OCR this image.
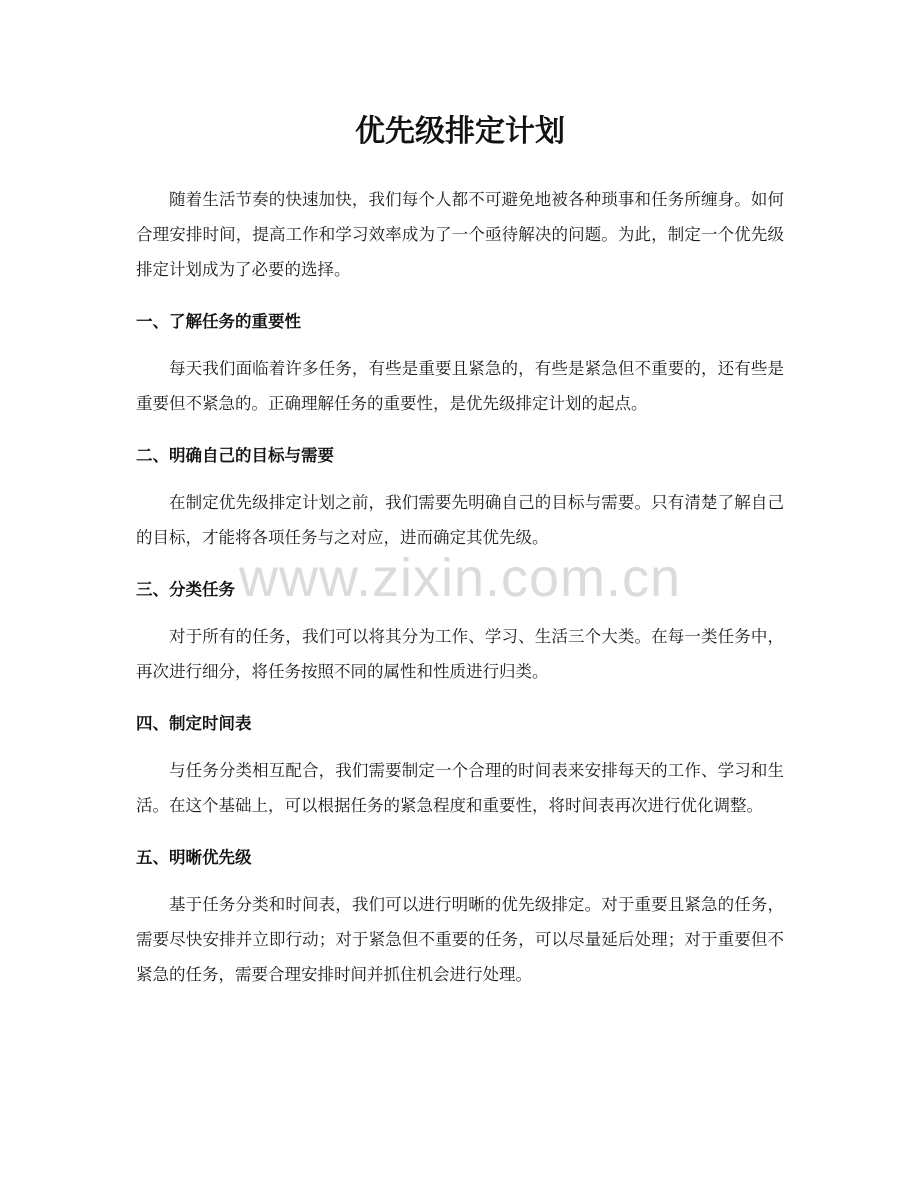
优先级排定计划

随着生活节奏的快速加快，我们每个人都不可避免地被各种琐事和任务所缠身。如何合理安排时间，提高工作和学习效率成为了一个亟待解决的问题。为此，制定一个优先级排定计划成为了必要的选择。

一、了解任务的重要性

每天我们面临着许多任务，有些是重要且紧急的，有些是紧急但不重要的，还有些是重要但不紧急的。正确理解任务的重要性，是优先级排定计划的起点。

二、明确自己的目标与需要

在制定优先级排定计划之前，我们需要先明确自己的目标与需要。只有清楚了解自己的目标，才能将各项任务与之对应，进而确定其优先级。

三、分类任务

对于所有的任务，我们可以将其分为工作、学习、生活三个大类。在每一类任务中，再次进行细分，将任务按照不同的属性和性质进行归类。

四、制定时间表

与任务分类相互配合，我们需要制定一个合理的时间表来安排每天的工作、学习和生活。在这个基础上，可以根据任务的紧急程度和重要性，将时间表再次进行优化调整。

五、明晰优先级

基于任务分类和时间表，我们可以进行明晰的优先级排定。对于重要且紧急的任务，需要尽快安排并立即行动；对于紧急但不重要的任务，可以尽量延后处理；对于重要但不紧急的任务，需要合理安排时间并抓住机会进行处理。

www.zixin.com.cn
